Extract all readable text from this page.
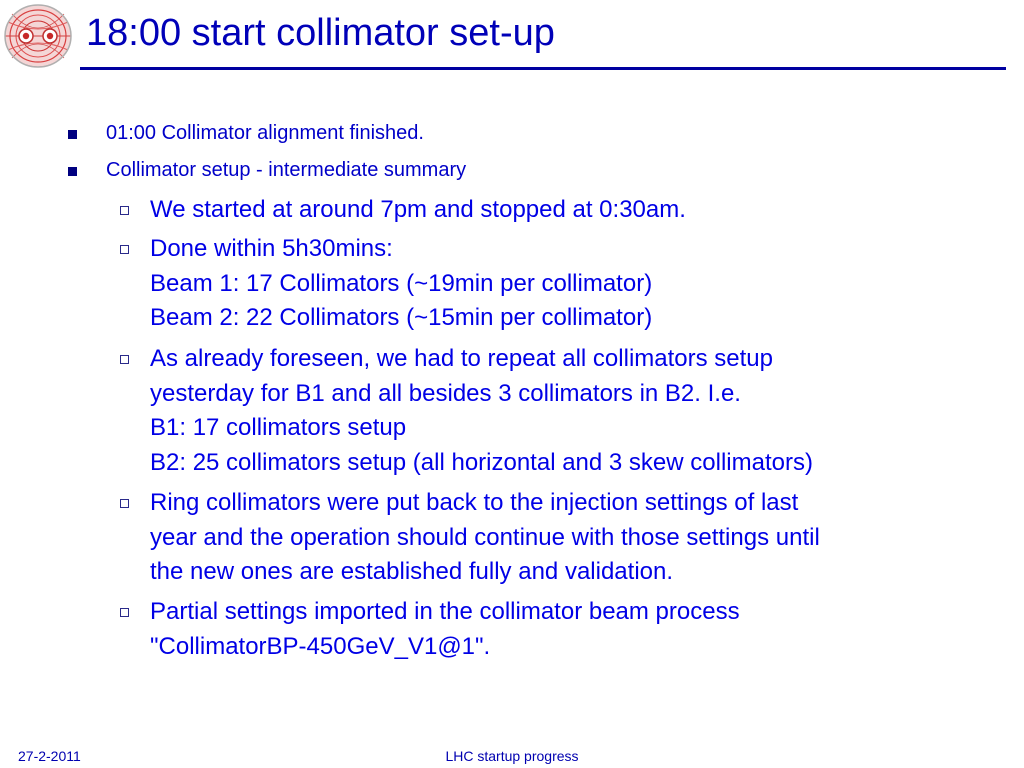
18:00 start collimator set-up
01:00 Collimator alignment finished.
Collimator setup - intermediate summary
We started at around 7pm and stopped at 0:30am.
Done within 5h30mins:
Beam 1: 17 Collimators (~19min per collimator)
Beam 2: 22 Collimators (~15min per collimator)
As already foreseen, we had to repeat all collimators setup
yesterday for B1 and all besides 3 collimators in B2. I.e.
B1: 17 collimators setup
B2: 25 collimators setup (all horizontal and 3 skew collimators)
Ring collimators were put back to the injection settings of last
year and the operation should continue with those settings until
the new ones are established fully and validation.
Partial settings imported in the collimator beam process
"CollimatorBP-450GeV_V1@1".
27-2-2011	LHC startup progress
